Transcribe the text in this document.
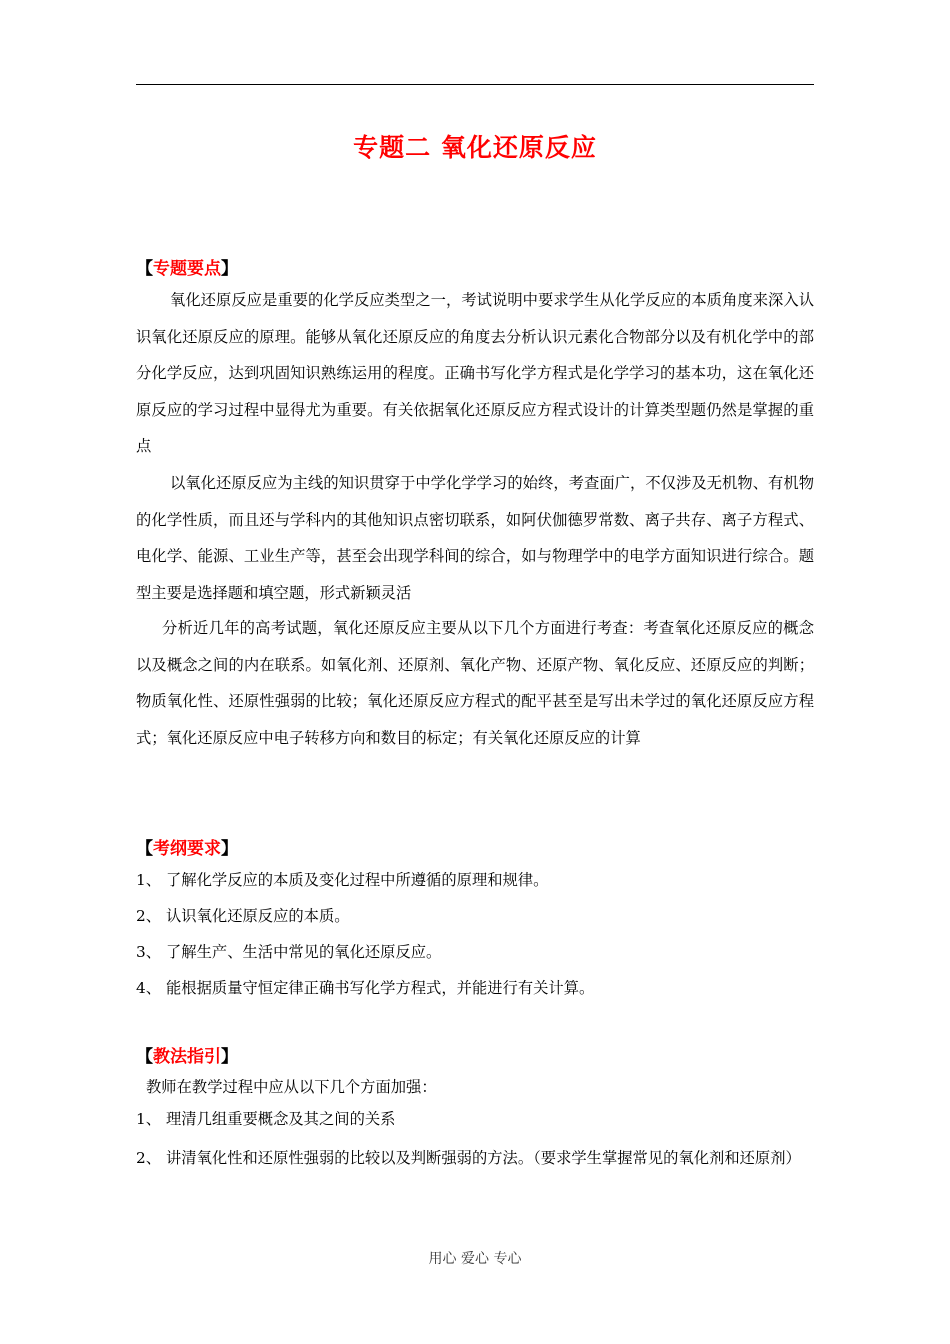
专题二 氧化还原反应
【专题要点】

氧化还原反应是重要的化学反应类型之一，考试说明中要求学生从化学反应的本质角度来深入认识氧化还原反应的原理。能够从氧化还原反应的角度去分析认识元素化合物部分以及有机化学中的部分化学反应，达到巩固知识熟练运用的程度。正确书写化学方程式是化学学习的基本功，这在氧化还原反应的学习过程中显得尤为重要。有关依据氧化还原反应方程式设计的计算类型题仍然是掌握的重点

以氧化还原反应为主线的知识贯穿于中学化学学习的始终，考查面广，不仅涉及无机物、有机物的化学性质，而且还与学科内的其他知识点密切联系，如阿伏伽德罗常数、离子共存、离子方程式、电化学、能源、工业生产等，甚至会出现学科间的综合，如与物理学中的电学方面知识进行综合。题型主要是选择题和填空题，形式新颖灵活

分析近几年的高考试题，氧化还原反应主要从以下几个方面进行考查：考查氧化还原反应的概念以及概念之间的内在联系。如氧化剂、还原剂、氧化产物、还原产物、氧化反应、还原反应的判断；物质氧化性、还原性强弱的比较；氧化还原反应方程式的配平甚至是写出未学过的氧化还原反应方程式；氧化还原反应中电子转移方向和数目的标定；有关氧化还原反应的计算

【考纲要求】
1、 了解化学反应的本质及变化过程中所遵循的原理和规律。
2、 认识氧化还原反应的本质。
3、 了解生产、生活中常见的氧化还原反应。
4、 能根据质量守恒定律正确书写化学方程式，并能进行有关计算。
【教法指引】
教师在教学过程中应从以下几个方面加强：
1、 理清几组重要概念及其之间的关系
2、 讲清氧化性和还原性强弱的比较以及判断强弱的方法。（要求学生掌握常见的氧化剂和还原剂）
用心 爱心 专心
